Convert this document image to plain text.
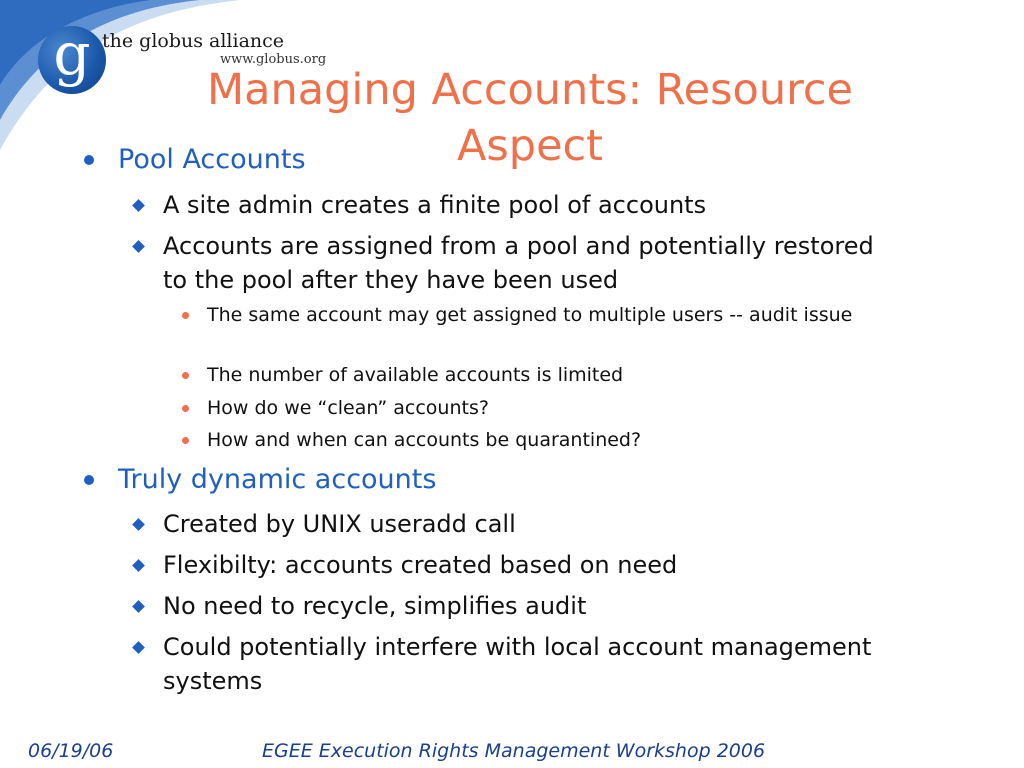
g the globus alliance
www.globus.org
Managing Accounts: Resource Aspect
Pool Accounts
A site admin creates a finite pool of accounts
Accounts are assigned from a pool and potentially restored to the pool after they have been used
The same account may get assigned to multiple users -- audit issue
The number of available accounts is limited
How do we “clean” accounts?
How and when can accounts be quarantined?
Truly dynamic accounts
Created by UNIX useradd call
Flexibilty: accounts created based on need
No need to recycle, simplifies audit
Could potentially interfere with local account management systems
06/19/06	EGEE Execution Rights Management Workshop 2006
